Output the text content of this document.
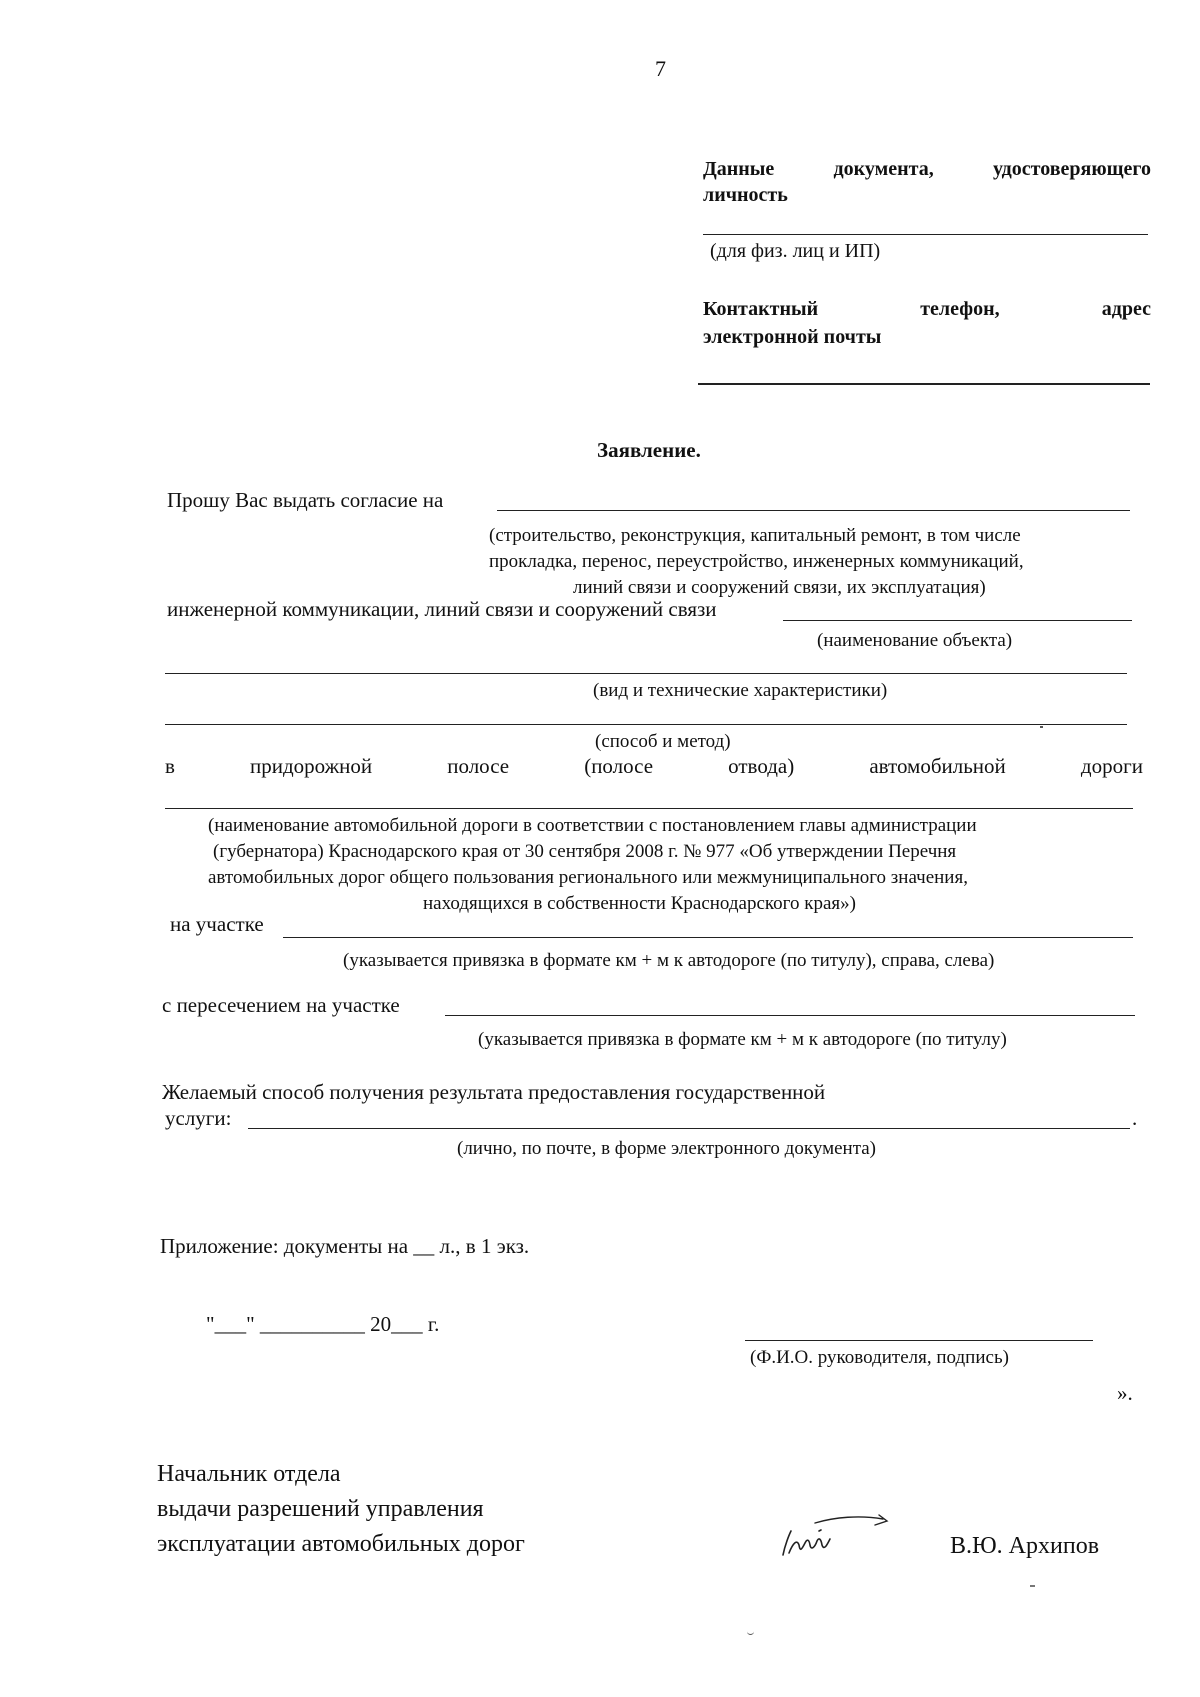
7
Данные	документа,	удостоверяющего
личность
(для физ. лиц и ИП)
Контактный	телефон,	адрес
электронной почты
Заявление.
Прошу Вас выдать согласие на
(строительство, реконструкция, капитальный ремонт, в том числе
прокладка, перенос, переустройство, инженерных коммуникаций,
линий связи и сооружений связи, их эксплуатация)
инженерной коммуникации, линий связи и сооружений связи
(наименование объекта)
(вид и технические характеристики)
(способ и метод)
в	придорожной	полосе	(полосе	отвода)	автомобильной	дороги
(наименование автомобильной дороги в соответствии с постановлением главы администрации
(губернатора) Краснодарского края от 30 сентября 2008 г. № 977 «Об утверждении Перечня
автомобильных дорог общего пользования регионального или межмуниципального значения,
находящихся в собственности Краснодарского края»)
на участке
(указывается привязка в формате км + м к автодороге (по титулу), справа, слева)
с пересечением на участке
(указывается привязка в формате км + м к автодороге (по титулу)
Желаемый способ получения результата предоставления государственной
услуги:	.
(лично, по почте, в форме электронного документа)
Приложение: документы на __ л., в 1 экз.
"___" __________ 20___ г.
(Ф.И.О. руководителя, подпись)
».
Начальник отдела
выдачи разрешений управления
эксплуатации автомобильных дорог	В.Ю. Архипов
